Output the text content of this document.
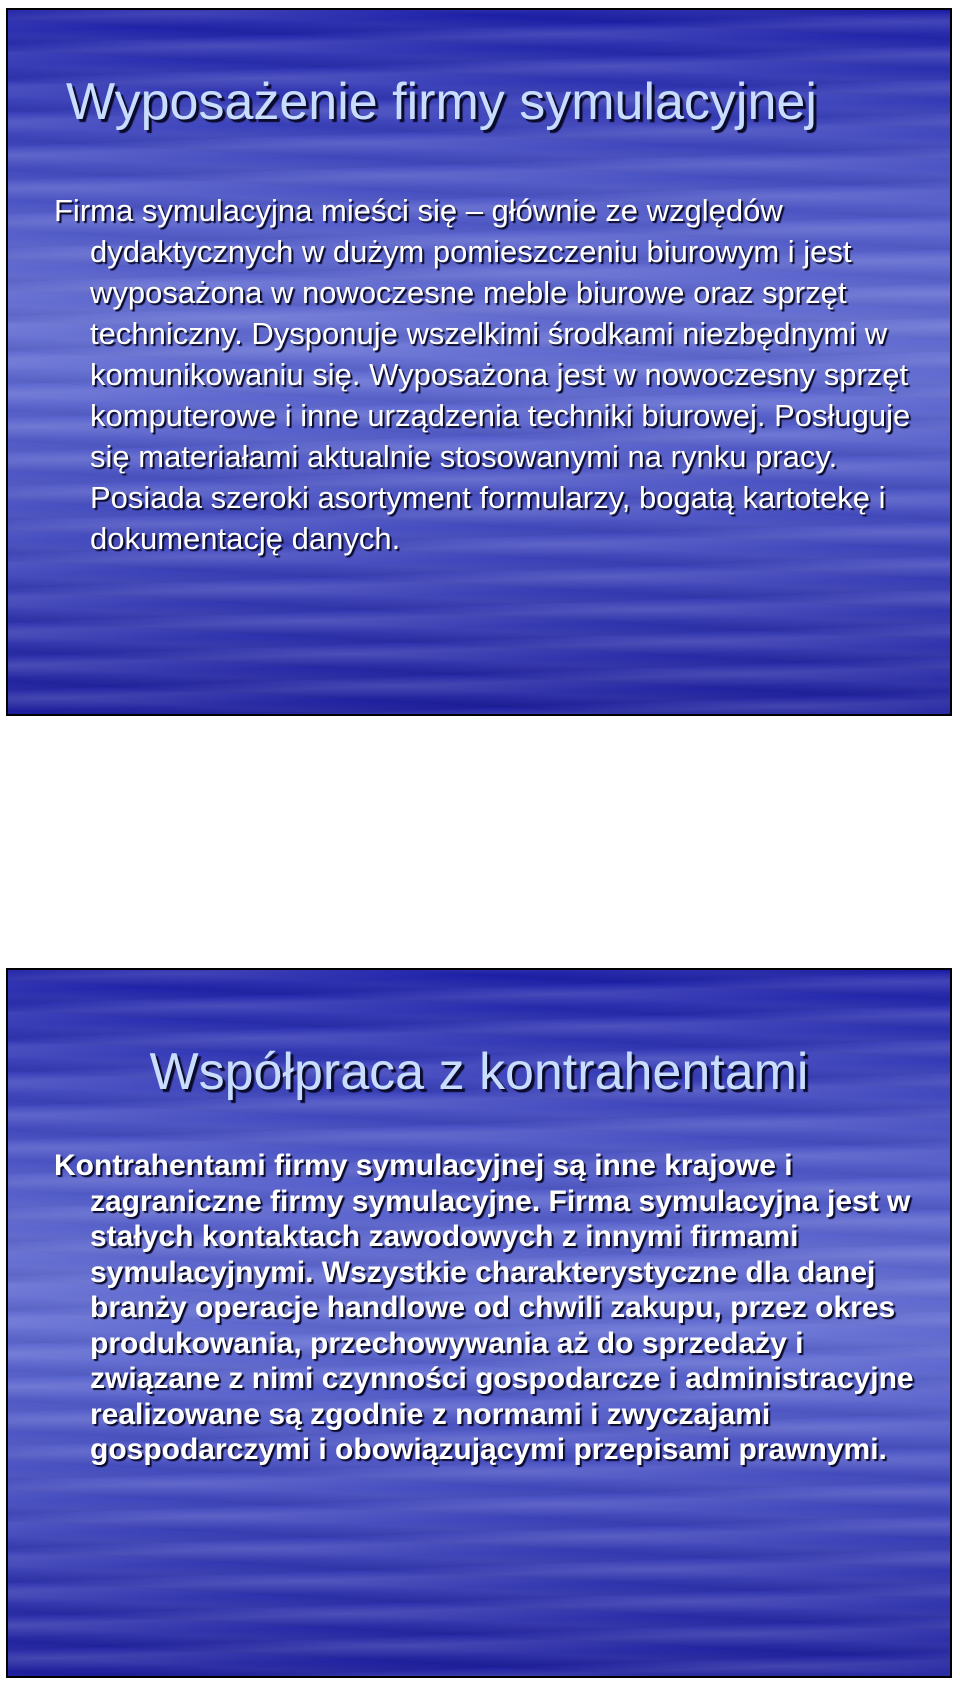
Wyposażenie firmy symulacyjnej

Firma symulacyjna mieści się – głównie ze względów dydaktycznych w dużym pomieszczeniu biurowym i jest wyposażona w nowoczesne meble biurowe oraz sprzęt techniczny. Dysponuje wszelkimi środkami niezbędnymi w komunikowaniu się. Wyposażona jest w nowoczesny sprzęt komputerowe i inne urządzenia techniki biurowej. Posługuje się materiałami aktualnie stosowanymi na rynku pracy. Posiada szeroki asortyment formularzy, bogatą kartotekę i dokumentację danych.

Współpraca z kontrahentami

Kontrahentami firmy symulacyjnej są inne krajowe i zagraniczne firmy symulacyjne. Firma symulacyjna jest w stałych kontaktach zawodowych z innymi firmami symulacyjnymi. Wszystkie charakterystyczne dla danej branży operacje handlowe od chwili zakupu, przez okres produkowania, przechowywania aż do sprzedaży i związane z nimi czynności gospodarcze i administracyjne realizowane są zgodnie z normami i zwyczajami gospodarczymi i obowiązującymi przepisami prawnymi.
